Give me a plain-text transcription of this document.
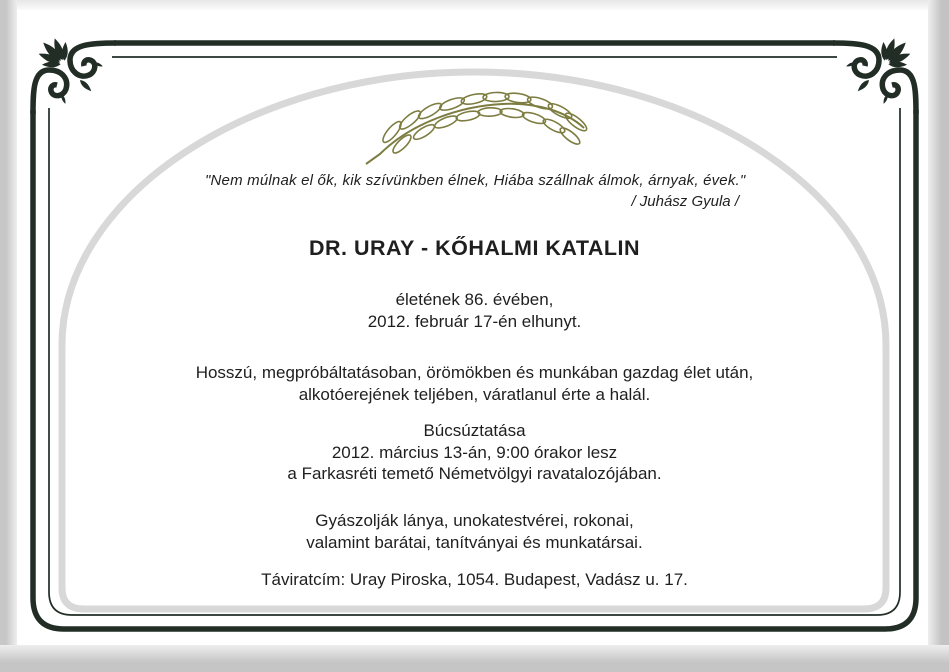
"Nem múlnak el ők, kik szívünkben élnek, Hiába szállnak álmok, árnyak, évek."
/ Juhász Gyula /
DR. URAY - KŐHALMI KATALIN
életének 86. évében,
2012. február 17-én elhunyt.
Hosszú, megpróbáltatásoban, örömökben és munkában gazdag élet után,
alkotóerejének teljében, váratlanul érte a halál.
Búcsúztatása
2012. március 13-án, 9:00 órakor lesz
a Farkasréti temető Németvölgyi ravatalozójában.
Gyászolják lánya, unokatestvérei, rokonai,
valamint barátai, tanítványai és munkatársai.
Táviratcím: Uray Piroska, 1054. Budapest, Vadász u. 17.
